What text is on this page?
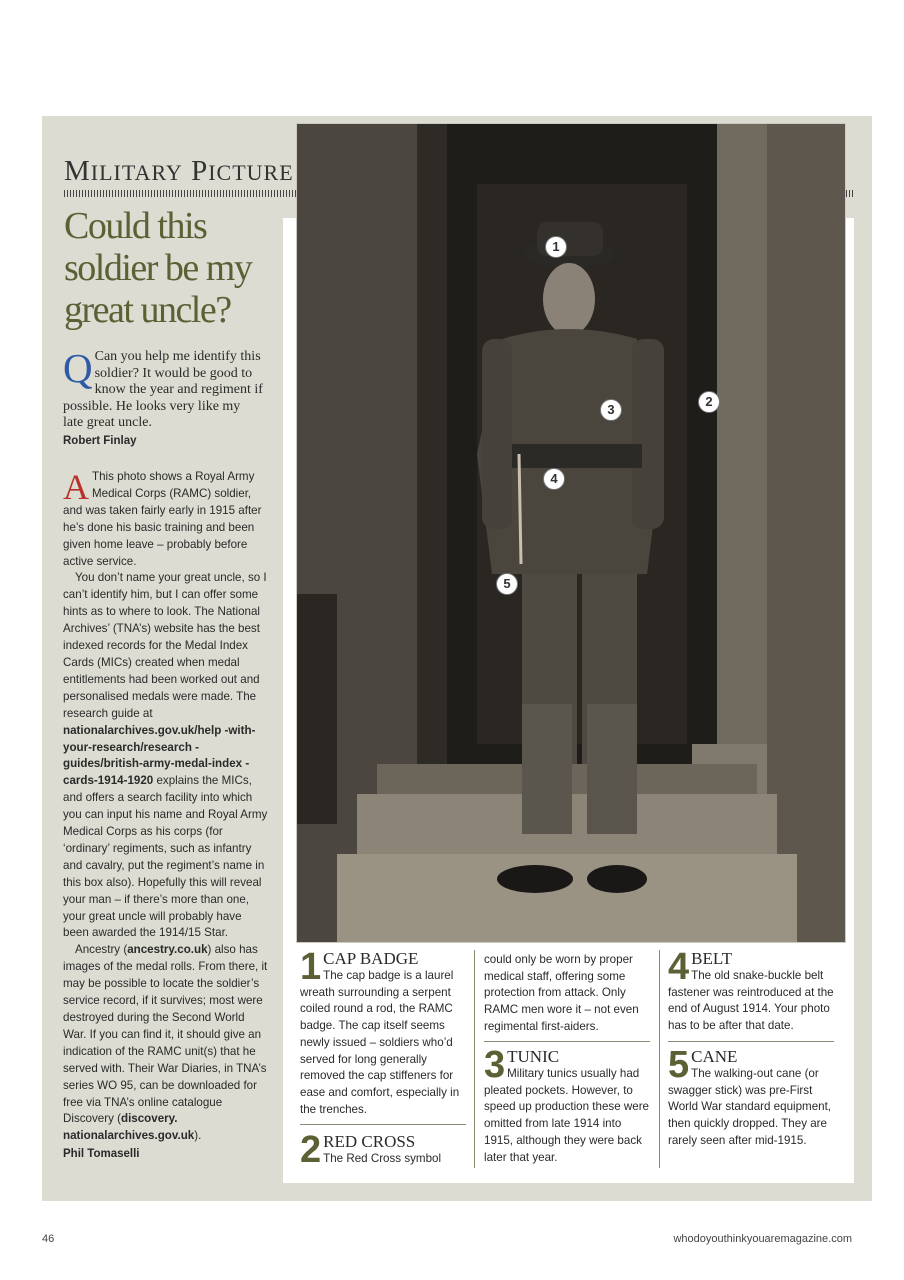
MILITARY PICTURE
Could this soldier be my great uncle?
Q Can you help me identify this soldier? It would be good to know the year and regiment if possible. He looks very like my late great uncle.
Robert Finlay

A This photo shows a Royal Army Medical Corps (RAMC) soldier, and was taken fairly early in 1915 after he’s done his basic training and been given home leave – probably before active service.

You don’t name your great uncle, so I can’t identify him, but I can offer some hints as to where to look. The National Archives’ (TNA’s) website has the best indexed records for the Medal Index Cards (MICs) created when medal entitlements had been worked out and personalised medals were made. The research guide at nationalarchives.gov.uk/help -with-your-research/research -guides/british-army-medal-index -cards-1914-1920 explains the MICs, and offers a search facility into which you can input his name and Royal Army Medical Corps as his corps (for ‘ordinary’ regiments, such as infantry and cavalry, put the regiment’s name in this box also). Hopefully this will reveal your man – if there’s more than one, your great uncle will probably have been awarded the 1914/15 Star.

Ancestry (ancestry.co.uk) also has images of the medal rolls. From there, it may be possible to locate the soldier’s service record, if it survives; most were destroyed during the Second World War. If you can find it, it should give an indication of the RAMC unit(s) that he served with. Their War Diaries, in TNA’s series WO 95, can be downloaded for free via TNA’s online catalogue Discovery (discovery. nationalarchives.gov.uk).

Phil Tomaselli
1
2
3
4
5
1 CAP BADGE
The cap badge is a laurel wreath surrounding a serpent coiled round a rod, the RAMC badge. The cap itself seems newly issued – soldiers who’d served for long generally removed the cap stiffeners for ease and comfort, especially in the trenches.
2 RED CROSS
The Red Cross symbol
could only be worn by proper medical staff, offering some protection from attack. Only RAMC men wore it – not even regimental first-aiders.
3 TUNIC
Military tunics usually had pleated pockets. However, to speed up production these were omitted from late 1914 into 1915, although they were back later that year.
4 BELT
The old snake-buckle belt fastener was reintroduced at the end of August 1914. Your photo has to be after that date.
5 CANE
The walking-out cane (or swagger stick) was pre-First World War standard equipment, then quickly dropped. They are rarely seen after mid-1915.
46	whodoyouthinkyouaremagazine.com
